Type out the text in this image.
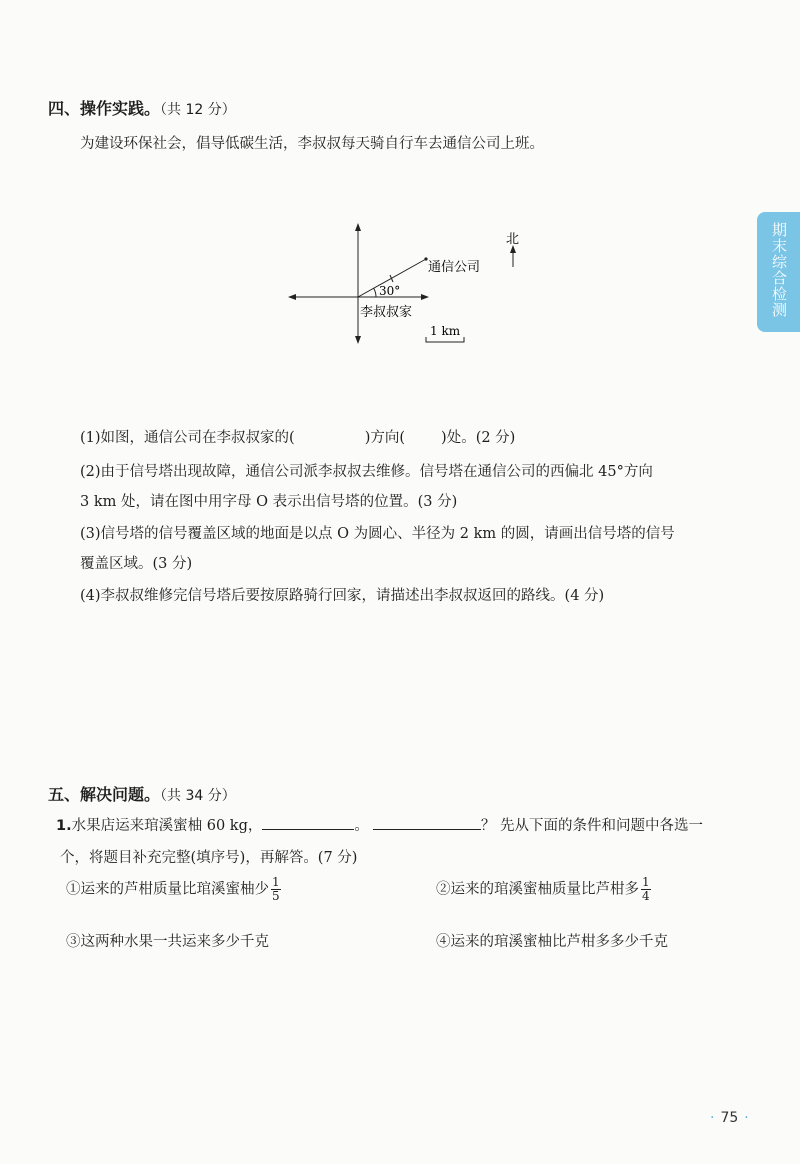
期末综合检测
四、操作实践。（共 12 分）
为建设环保社会，倡导低碳生活，李叔叔每天骑自行车去通信公司上班。
30°
通信公司
李叔叔家
北
1 km
(1)如图，通信公司在李叔叔家的(	)方向( )处。(2 分)
(2)由于信号塔出现故障，通信公司派李叔叔去维修。信号塔在通信公司的西偏北 45°方向
3 km 处，请在图中用字母 O 表示出信号塔的位置。(3 分)
(3)信号塔的信号覆盖区域的地面是以点 O 为圆心、半径为 2 km 的圆，请画出信号塔的信号
覆盖区域。(3 分)
(4)李叔叔维修完信号塔后要按原路骑行回家，请描述出李叔叔返回的路线。(4 分)
五、解决问题。（共 34 分）
1.水果店运来琯溪蜜柚 60 kg，	。	？ 先从下面的条件和问题中各选一
个，将题目补充完整(填序号)，再解答。(7 分)
①运来的芦柑质量比琯溪蜜柚少 $\frac{1}{5}$	②运来的琯溪蜜柚质量比芦柑多 $\frac{1}{4}$
③这两种水果一共运来多少千克	④运来的琯溪蜜柚比芦柑多多少千克
· 75 ·
